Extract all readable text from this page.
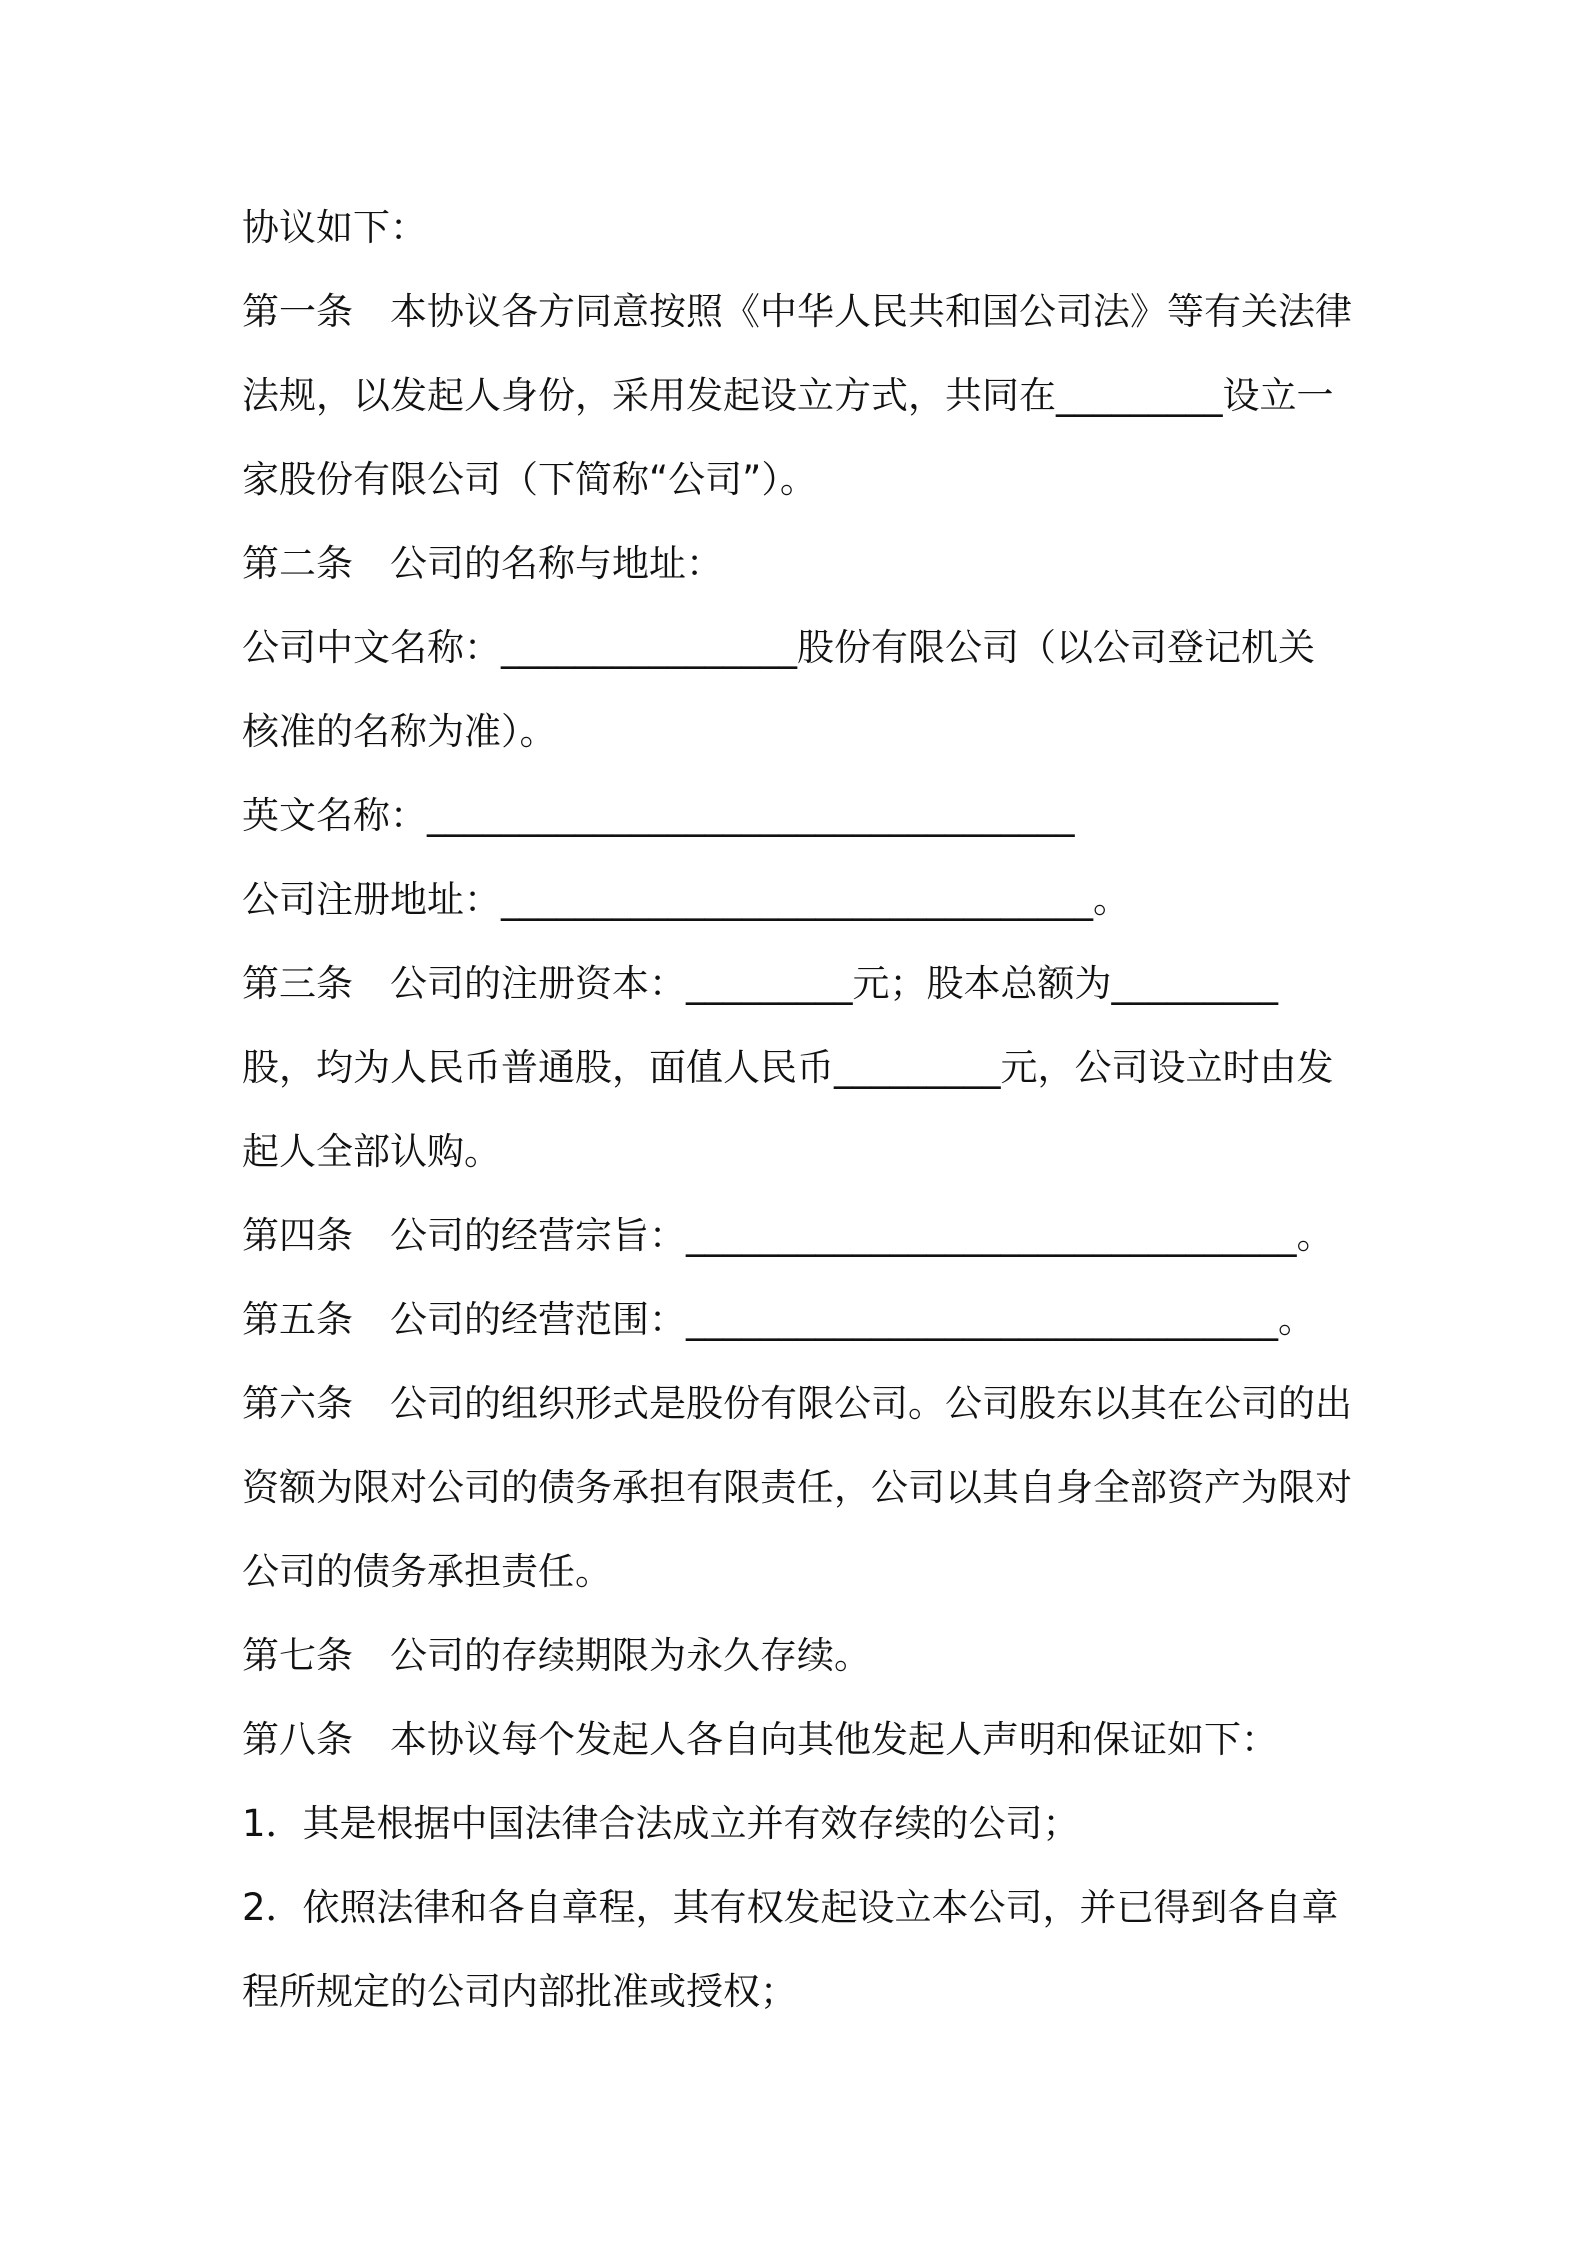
协议如下：
第一条　本协议各方同意按照《中华人民共和国公司法》等有关法律
法规，以发起人身份，采用发起设立方式，共同在_________设立一
家股份有限公司（下简称“公司”）。
第二条　公司的名称与地址：
公司中文名称：________________股份有限公司（以公司登记机关
核准的名称为准）。
英文名称：___________________________________
公司注册地址：________________________________。
第三条　公司的注册资本：_________元；股本总额为_________
股，均为人民币普通股，面值人民币_________元，公司设立时由发
起人全部认购。
第四条　公司的经营宗旨：_________________________________。
第五条　公司的经营范围：________________________________。
第六条　公司的组织形式是股份有限公司。公司股东以其在公司的出
资额为限对公司的债务承担有限责任，公司以其自身全部资产为限对
公司的债务承担责任。
第七条　公司的存续期限为永久存续。
第八条　本协议每个发起人各自向其他发起人声明和保证如下：
1．其是根据中国法律合法成立并有效存续的公司；
2．依照法律和各自章程，其有权发起设立本公司，并已得到各自章
程所规定的公司内部批准或授权；
